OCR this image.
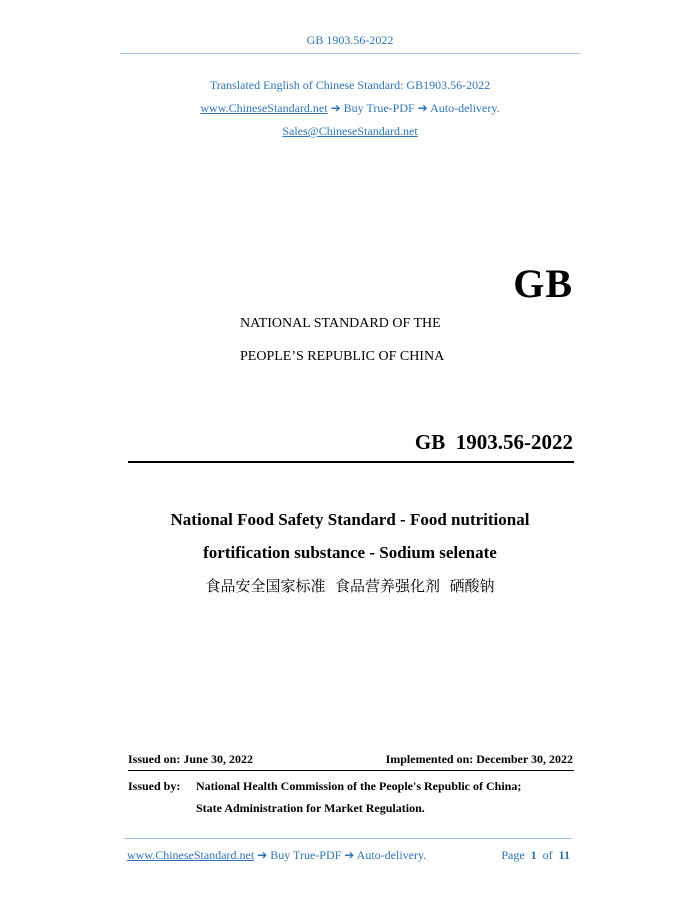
GB 1903.56-2022
Translated English of Chinese Standard: GB1903.56-2022
www.ChineseStandard.net ➔ Buy True-PDF ➔ Auto-delivery.
Sales@ChineseStandard.net
GB
NATIONAL STANDARD OF THE
PEOPLE’S REPUBLIC OF CHINA
GB  1903.56-2022
National Food Safety Standard - Food nutritional
fortification substance - Sodium selenate
食品安全国家标准  食品营养强化剂  硒酸钠
Issued on: June 30, 2022	Implemented on: December 30, 2022
Issued by: National Health Commission of the People's Republic of China;
State Administration for Market Regulation.
www.ChineseStandard.net ➔ Buy True-PDF ➔ Auto-delivery.	Page 1 of 11
